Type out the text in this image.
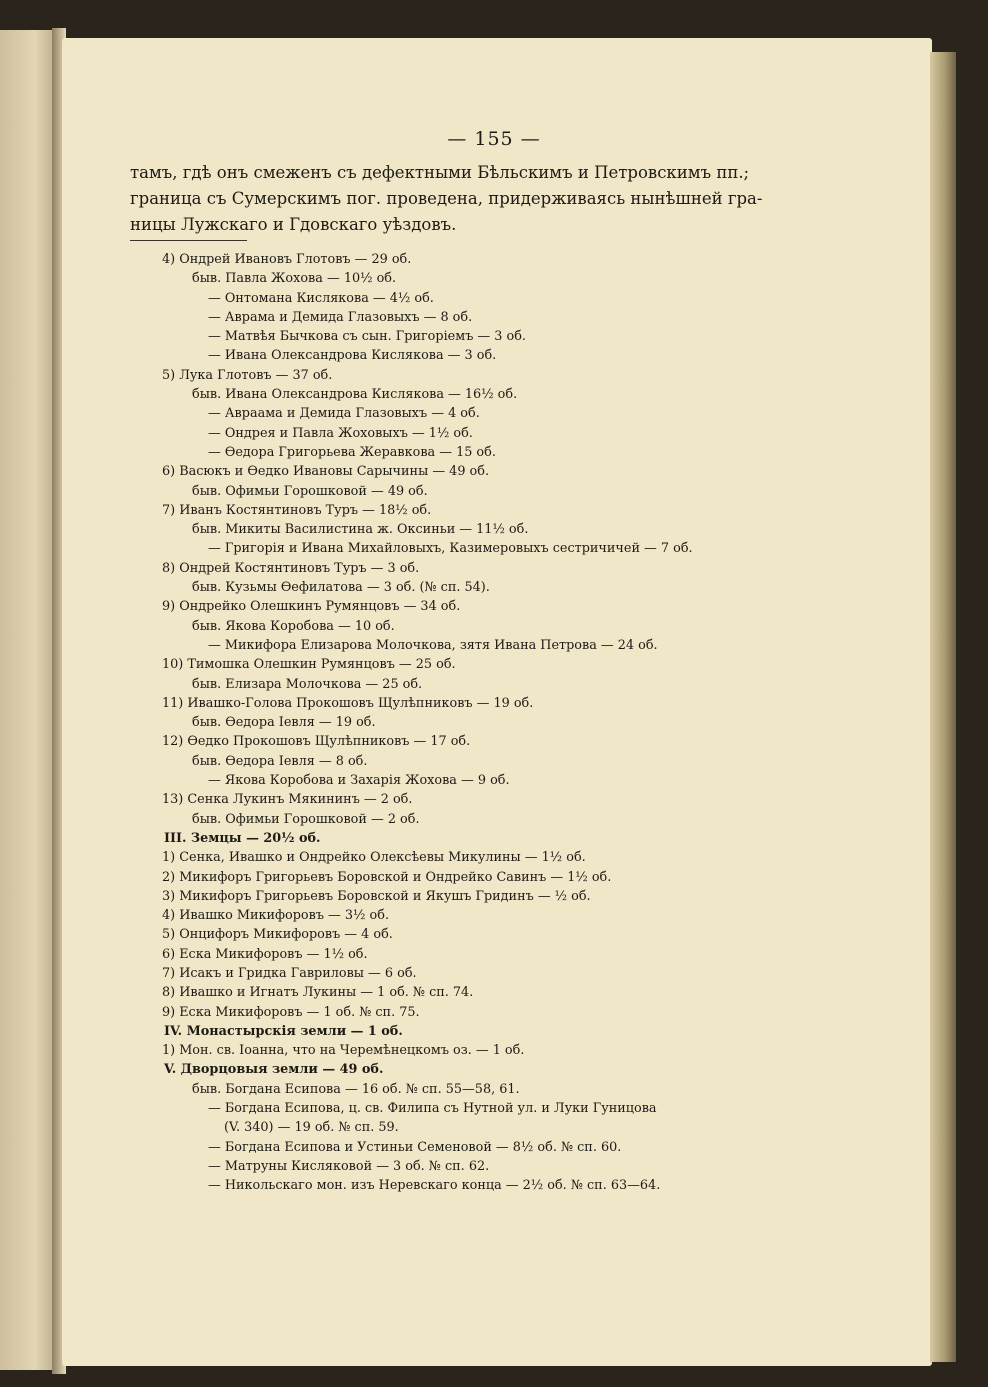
— 155 —
тамъ, гдѣ онъ смеженъ съ дефектными Бѣльскимъ и Петровскимъ пп.;
граница съ Сумерскимъ пог. проведена, придерживаясь нынѣшней гра-
ницы Лужскаго и Гдовскаго уѣздовъ.
4) Ондрей Ивановъ Глотовъ — 29 об.
быв. Павла Жохова — 10½ об.
— Онтомана Кислякова — 4½ об.
— Аврама и Демида Глазовыхъ — 8 об.
— Матвѣя Бычкова съ сын. Григорiемъ — 3 об.
— Ивана Олександрова Кислякова — 3 об.
5) Лука Глотовъ — 37 об.
быв. Ивана Олександрова Кислякова — 16½ об.
— Авраама и Демида Глазовыхъ — 4 об.
— Ондрея и Павла Жоховыхъ — 1½ об.
— Өедора Григорьева Жеравкова — 15 об.
6) Васюкъ и Өедко Ивановы Сарычины — 49 об.
быв. Офимьи Горошковой — 49 об.
7) Иванъ Костянтиновъ Туръ — 18½ об.
быв. Микиты Василистина ж. Оксиньи — 11½ об.
— Григорiя и Ивана Михайловыхъ, Казимеровыхъ сестричичей — 7 об.
8) Ондрей Костянтиновъ Туръ — 3 об.
быв. Кузьмы Өефилатова — 3 об. (№ сп. 54).
9) Ондрейко Олешкинъ Румянцовъ — 34 об.
быв. Якова Коробова — 10 об.
— Микифора Елизарова Молочкова, зятя Ивана Петрова — 24 об.
10) Тимошка Олешкин Румянцовъ — 25 об.
быв. Елизара Молочкова — 25 об.
11) Ивашко-Голова Прокошовъ Щулѣпниковъ — 19 об.
быв. Өедора Iевля — 19 об.
12) Өедко Прокошовъ Щулѣпниковъ — 17 об.
быв. Өедора Iевля — 8 об.
— Якова Коробова и Захарiя Жохова — 9 об.
13) Сенка Лукинъ Мякининъ — 2 об.
быв. Офимьи Горошковой — 2 об.
III. Земцы — 20½ об.
1) Сенка, Ивашко и Ондрейко Олексѣевы Микулины — 1½ об.
2) Микифоръ Григорьевъ Боровской и Ондрейко Савинъ — 1½ об.
3) Микифоръ Григорьевъ Боровской и Якушъ Гридинъ — ½ об.
4) Ивашко Микифоровъ — 3½ об.
5) Онцифоръ Микифоровъ — 4 об.
6) Еска Микифоровъ — 1½ об.
7) Исакъ и Гридка Гавриловы — 6 об.
8) Ивашко и Игнатъ Лукины — 1 об. № сп. 74.
9) Еска Микифоровъ — 1 об. № сп. 75.
IV. Монастырскiя земли — 1 об.
1) Мон. св. Iоанна, что на Черемѣнецкомъ оз. — 1 об.
V. Дворцовыя земли — 49 об.
быв. Богдана Есипова — 16 об. № сп. 55—58, 61.
— Богдана Есипова, ц. св. Филипа съ Нутной ул. и Луки Гуницова
(V. 340) — 19 об. № сп. 59.
— Богдана Есипова и Устиньи Семеновой — 8½ об. № сп. 60.
— Матруны Кисляковой — 3 об. № сп. 62.
— Никольскаго мон. изъ Неревскаго конца — 2½ об. № сп. 63—64.
